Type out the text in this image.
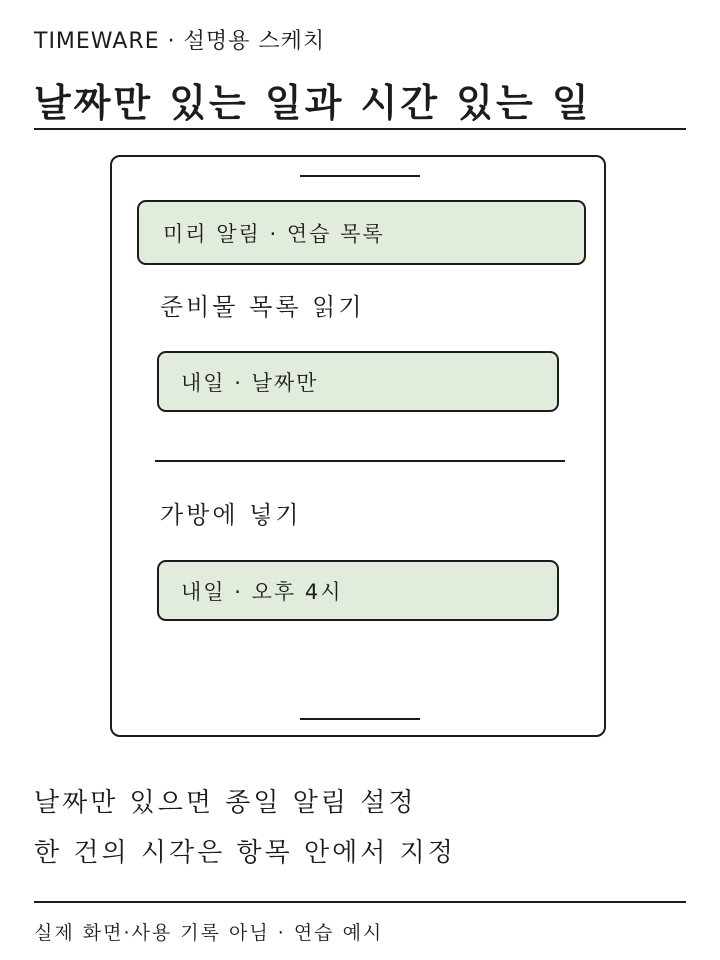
TIMEWARE · 설명용 스케치
날짜만 있는 일과 시간 있는 일
미리 알림 · 연습 목록
준비물 목록 읽기
내일 · 날짜만
가방에 넣기
내일 · 오후 4시
날짜만 있으면 종일 알림 설정
한 건의 시각은 항목 안에서 지정
실제 화면·사용 기록 아님 · 연습 예시
